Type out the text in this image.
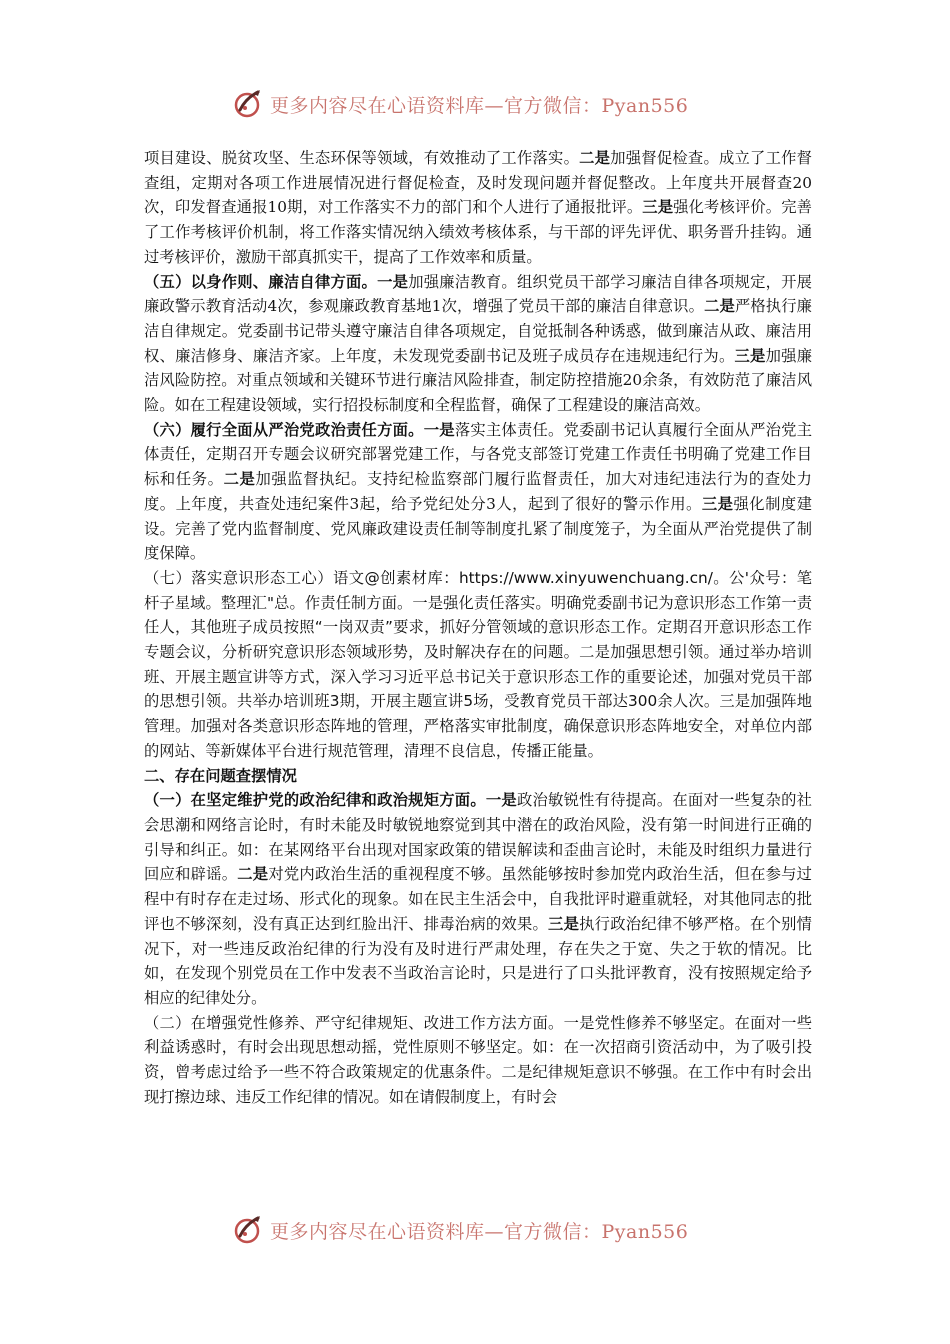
更多内容尽在心语资料库—官方微信：Pyan556

项目建设、脱贫攻坚、生态环保等领域，有效推动了工作落实。二是加强督促检查。成立了工作督查组，定期对各项工作进展情况进行督促检查，及时发现问题并督促整改。上年度共开展督查20次，印发督查通报10期，对工作落实不力的部门和个人进行了通报批评。三是强化考核评价。完善了工作考核评价机制，将工作落实情况纳入绩效考核体系，与干部的评先评优、职务晋升挂钩。通过考核评价，激励干部真抓实干，提高了工作效率和质量。

（五）以身作则、廉洁自律方面。一是加强廉洁教育。组织党员干部学习廉洁自律各项规定，开展廉政警示教育活动4次，参观廉政教育基地1次，增强了党员干部的廉洁自律意识。二是严格执行廉洁自律规定。党委副书记带头遵守廉洁自律各项规定，自觉抵制各种诱惑，做到廉洁从政、廉洁用权、廉洁修身、廉洁齐家。上年度，未发现党委副书记及班子成员存在违规违纪行为。三是加强廉洁风险防控。对重点领域和关键环节进行廉洁风险排查，制定防控措施20余条，有效防范了廉洁风险。如在工程建设领域，实行招投标制度和全程监督，确保了工程建设的廉洁高效。

（六）履行全面从严治党政治责任方面。一是落实主体责任。党委副书记认真履行全面从严治党主体责任，定期召开专题会议研究部署党建工作，与各党支部签订党建工作责任书明确了党建工作目标和任务。二是加强监督执纪。支持纪检监察部门履行监督责任，加大对违纪违法行为的查处力度。上年度，共查处违纪案件3起，给予党纪处分3人，起到了很好的警示作用。三是强化制度建设。完善了党内监督制度、党风廉政建设责任制等制度扎紧了制度笼子，为全面从严治党提供了制度保障。

（七）落实意识形态工心）语文@创素材库：https://www.xinyuwenchuang.cn/。公'众号：笔杆子星域。整理汇"总。作责任制方面。一是强化责任落实。明确党委副书记为意识形态工作第一责任人，其他班子成员按照“一岗双责”要求，抓好分管领域的意识形态工作。定期召开意识形态工作专题会议，分析研究意识形态领域形势，及时解决存在的问题。二是加强思想引领。通过举办培训班、开展主题宣讲等方式，深入学习习近平总书记关于意识形态工作的重要论述，加强对党员干部的思想引领。共举办培训班3期，开展主题宣讲5场，受教育党员干部达300余人次。三是加强阵地管理。加强对各类意识形态阵地的管理，严格落实审批制度，确保意识形态阵地安全，对单位内部的网站、等新媒体平台进行规范管理，清理不良信息，传播正能量。

二、存在问题查摆情况

（一）在坚定维护党的政治纪律和政治规矩方面。一是政治敏锐性有待提高。在面对一些复杂的社会思潮和网络言论时，有时未能及时敏锐地察觉到其中潜在的政治风险，没有第一时间进行正确的引导和纠正。如：在某网络平台出现对国家政策的错误解读和歪曲言论时，未能及时组织力量进行回应和辟谣。二是对党内政治生活的重视程度不够。虽然能够按时参加党内政治生活，但在参与过程中有时存在走过场、形式化的现象。如在民主生活会中，自我批评时避重就轻，对其他同志的批评也不够深刻，没有真正达到红脸出汗、排毒治病的效果。三是执行政治纪律不够严格。在个别情况下，对一些违反政治纪律的行为没有及时进行严肃处理，存在失之于宽、失之于软的情况。比如，在发现个别党员在工作中发表不当政治言论时，只是进行了口头批评教育，没有按照规定给予相应的纪律处分。

（二）在增强党性修养、严守纪律规矩、改进工作方法方面。一是党性修养不够坚定。在面对一些利益诱惑时，有时会出现思想动摇，党性原则不够坚定。如：在一次招商引资活动中，为了吸引投资，曾考虑过给予一些不符合政策规定的优惠条件。二是纪律规矩意识不够强。在工作中有时会出现打擦边球、违反工作纪律的情况。如在请假制度上，有时会

更多内容尽在心语资料库—官方微信：Pyan556
